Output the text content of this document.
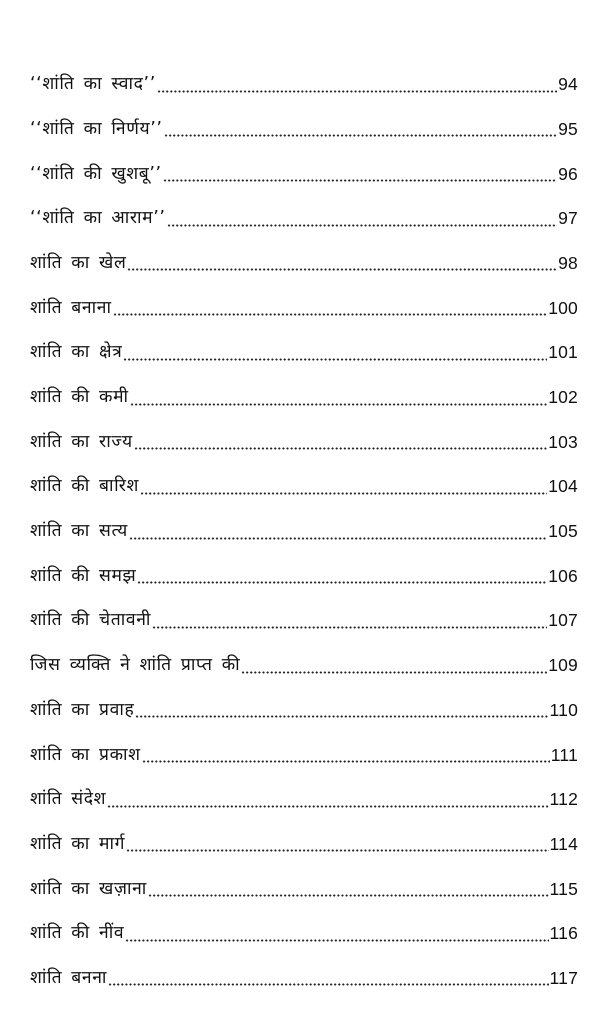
‘‘शांति का स्वाद’’	94
‘‘शांति का निर्णय’’	95
‘‘शांति की खुशबू’’	96
‘‘शांति का आराम’’	97
शांति का खेल	98
शांति बनाना	100
शांति का क्षेत्र	101
शांति की कमी	102
शांति का राज्य	103
शांति की बारिश	104
शांति का सत्य	105
शांति की समझ	106
शांति की चेतावनी	107
जिस व्यक्ति ने शांति प्राप्त की	109
शांति का प्रवाह	110
शांति का प्रकाश	111
शांति संदेश	112
शांति का मार्ग	114
शांति का खज़ाना	115
शांति की नींव	116
शांति बनना	117
